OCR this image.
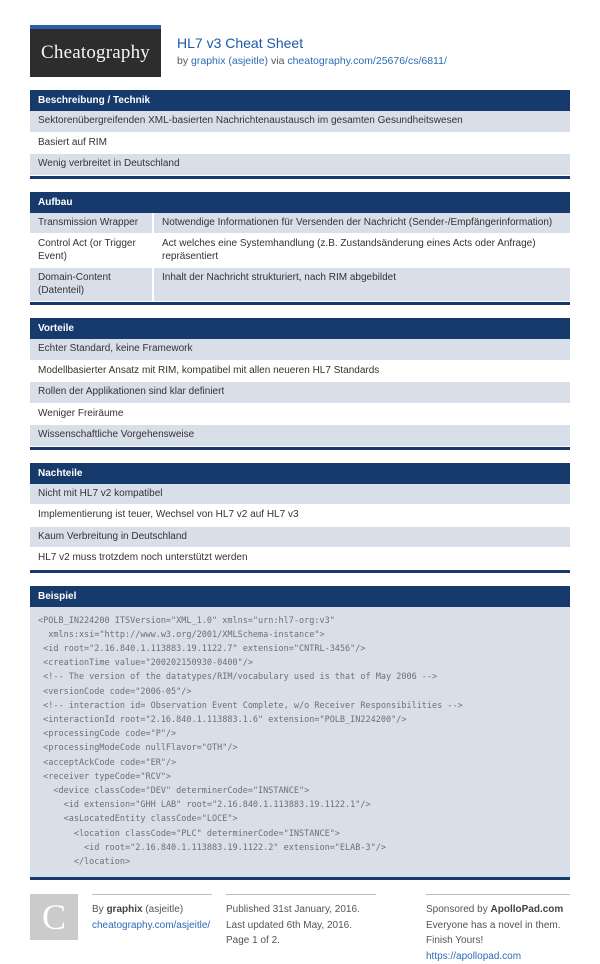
Cheatography HL7 v3 Cheat Sheet
by graphix (asjeitle) via cheatography.com/25676/cs/6811/
Beschreibung / Technik
Sektorenübergreifenden XML-basierten Nachrichtenaustausch im gesamten Gesundheitswesen
Basiert auf RIM
Wenig verbreitet in Deutschland
Aufbau
Transmission Wrapper	Notwendige Informationen für Versenden der Nachricht (Sender-/Empfängerinformation)
Control Act (or Trigger Event)
Act welches eine Systemhandlung (z.B. Zustandsänderung eines Acts oder Anfrage) repräsentiert
Domain-Content (Datenteil)
Inhalt der Nachricht strukturiert, nach RIM abgebildet
Vorteile
Echter Standard, keine Framework
Modellbasierter Ansatz mit RIM, kompatibel mit allen neueren HL7 Standards
Rollen der Applikationen sind klar definiert
Weniger Freiräume
Wissenschaftliche Vorgehensweise
Nachteile
Nicht mit HL7 v2 kompatibel
Implementierung ist teuer, Wechsel von HL7 v2 auf HL7 v3
Kaum Verbreitung in Deutschland
HL7 v2 muss trotzdem noch unterstützt werden
Beispiel
<POLB_IN224200 ITSVersion="XML_1.0" xmlns="urn:hl7-org:v3"
xmlns:xsi="http://www.w3.org/2001/XMLSchema-instance">
<id root="2.16.840.1.113883.19.1122.7" extension="CNTRL-3456"/>
<creationTime value="200202150930-0400"/>
<!-- The version of the datatypes/RIM/vocabulary used is that of May 2006 -->
<versionCode code="2006-05"/>
<!-- interaction id= Observation Event Complete, w/o Receiver Responsibilities -->
<interactionId root="2.16.840.1.113883.1.6" extension="POLB_IN224200"/>
<processingCode code="P"/>
<processingModeCode nullFlavor="OTH"/>
<acceptAckCode code="ER"/>
<receiver typeCode="RCV">
<device classCode="DEV" determinerCode="INSTANCE">
<id extension="GHH LAB" root="2.16.840.1.113883.19.1122.1"/>
<asLocatedEntity classCode="LOCE">
<location classCode="PLC" determinerCode="INSTANCE">
<id root="2.16.840.1.113883.19.1122.2" extension="ELAB-3"/>
</location>
C	By graphix (asjeitle)
cheatography.com/asjeitle/
Published 31st January, 2016.
Last updated 6th May, 2016.
Page 1 of 2.
Sponsored by ApolloPad.com
Everyone has a novel in them. Finish Yours!
https://apollopad.com
